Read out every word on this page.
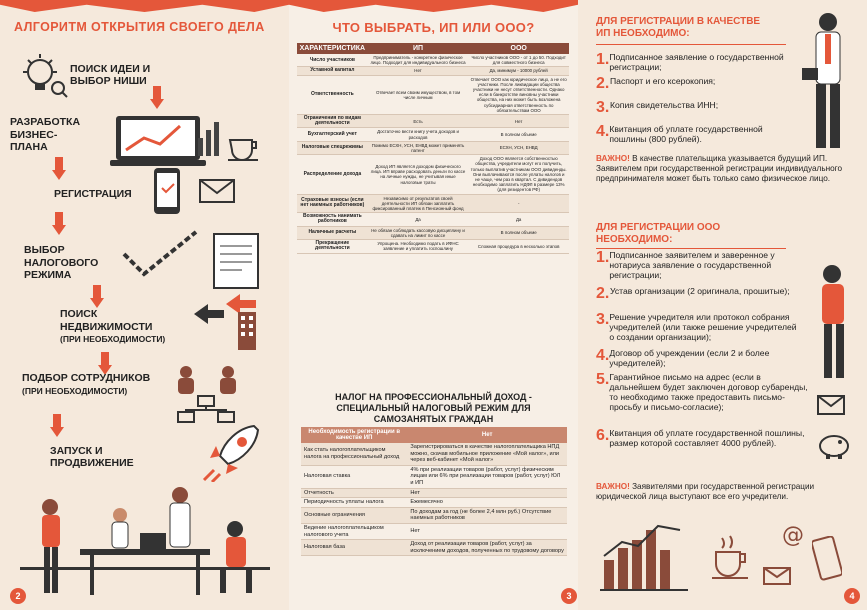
АЛГОРИТМ ОТКРЫТИЯ СВОЕГО ДЕЛА
ПОИСК ИДЕИ И ВЫБОР НИШИ
РАЗРАБОТКА БИЗНЕС-ПЛАНА
РЕГИСТРАЦИЯ
ВЫБОР НАЛОГОВОГО РЕЖИМА
ПОИСК НЕДВИЖИМОСТИ
(ПРИ НЕОБХОДИМОСТИ)
ПОДБОР СОТРУДНИКОВ
(ПРИ НЕОБХОДИМОСТИ)
ЗАПУСК И ПРОДВИЖЕНИЕ
2
ЧТО ВЫБРАТЬ, ИП ИЛИ ООО?
ХАРАКТЕРИСТИКА	ИП	ООО
Число участников	Предприниматель - конкретное физическое лицо. Подходит для индивидуального бизнеса	Число участников ООО - от 1 до 50. Подходит для совместного бизнеса
Уставной капитал	Нет	Да, минимум - 10000 рублей
Ответственность	Отвечает всем своим имуществом, в том числе личным	Отвечает ООО как юридическое лицо, а не его участники. После ликвидации общества участники не несут ответственности. Однако если в банкротстве виновны участники общества, на них может быть возложена субсидиарная ответственность по обязательствам ООО
Ограничения по видам деятельности	Есть	Нет
Бухгалтерский учет	Достаточно вести книгу учета доходов и расходов	В полном объеме
Налоговые спецрежимы	Помимо ЕСХН, УСН, ЕНВД может применять патент	ЕСХН, УСН, ЕНВД
Распределение дохода	Доход ИП является доходом физического лица. ИП вправе расходовать деньги по кассе на личные нужды, не учитывая иные налоговые траты	Доход ООО является собственностью общества, учредители могут его получить, только выплатив участникам ООО дивиденды. Они выплачиваются после уплаты налогов и не чаще, чем раз в квартал. С дивидендов необходимо заплатить НДФЛ в размере 13% (для резидентов РФ)
Страховые взносы (если нет наемных работников)	Независимо от результатов своей деятельности ИП обязан заплатить фиксированный платеж в Пенсионный фонд	-
Возможность нанимать работников	Да	Да
Наличные расчеты	Не обязан соблюдать кассовую дисциплину и сдавать на лимит по кассе	В полном объеме
Прекращение деятельности	Упрощена. Необходимо подать в ИФНС заявление и уплатить госпошлину	Сложная процедура в несколько этапов
НАЛОГ НА ПРОФЕССИОНАЛЬНЫЙ ДОХОД - СПЕЦИАЛЬНЫЙ НАЛОГОВЫЙ РЕЖИМ ДЛЯ САМОЗАНЯТЫХ ГРАЖДАН
Необходимость регистрации в качестве ИП	Нет
Как стать налогоплательщиком налога на профессиональный доход	Зарегистрироваться в качестве налогоплательщика НПД можно, скачав мобильное приложение «Мой налог», или через веб-кабинет «Мой налог»
Налоговая ставка	4% при реализации товаров (работ, услуг) физическим лицам или 6% при реализации товаров (работ, услуг) ЮЛ и ИП
Отчетность	Нет
Периодичность уплаты налога	Ежемесячно
Основные ограничения	По доходам за год (не более 2,4 млн руб.) Отсутствие наемных работников
Ведение налогоплательщиком налогового учета	Нет
Налоговая база	Доход от реализации товаров (работ, услуг) за исключением доходов, полученных по трудовому договору
3
ДЛЯ РЕГИСТРАЦИИ В КАЧЕСТВЕ ИП НЕОБХОДИМО:
1. Подписанное заявление о государственной регистрации;
2. Паспорт и его ксерокопия;
3. Копия свидетельства ИНН;
4. Квитанция об уплате государственной пошлины (800 рублей).
ВАЖНО! В качестве плательщика указывается будущий ИП. Заявителем при государственной регистрации индивидуального предпринимателя может быть только само физическое лицо.
ДЛЯ РЕГИСТРАЦИИ ООО НЕОБХОДИМО:
1. Подписанное заявителем и заверенное у нотариуса заявление о государственной регистрации;
2. Устав организации (2 оригинала, прошитые);
3. Решение учредителя или протокол собрания учредителей (или также решение учредителей о создании организации);
4. Договор об учреждении (если 2 и более учредителей);
5. Гарантийное письмо на адрес (если в дальнейшем будет заключен договор субаренды, то необходимо также предоставить письмо-просьбу и письмо-согласие);
6. Квитанция об уплате государственной пошлины, размер которой составляет 4000 рублей).
ВАЖНО! Заявителями при государственной регистрации юридической лица выступают все его учредители.
@
4
